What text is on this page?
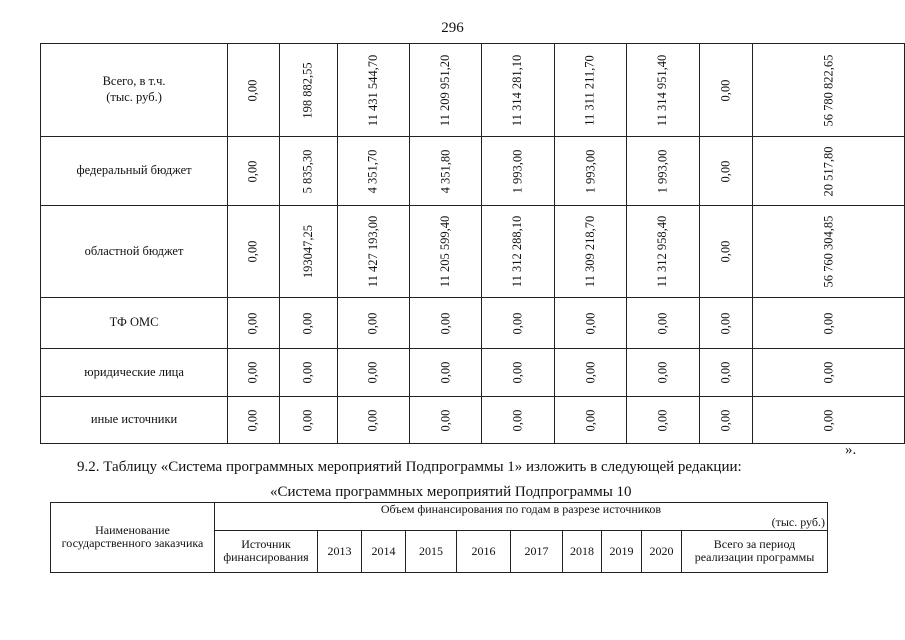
296
Всего, в т.ч.
(тыс. руб.)	0,00	198 882,55	11 431 544,70	11 209 951,20	11 314 281,10	11 311 211,70	11 314 951,40	0,00	56 780 822,65
федеральный бюджет	0,00	5 835,30	4 351,70	4 351,80	1 993,00	1 993,00	1 993,00	0,00	20 517,80
областной бюджет	0,00	193047,25	11 427 193,00	11 205 599,40	11 312 288,10	11 309 218,70	11 312 958,40	0,00	56 760 304,85
ТФ ОМС	0,00	0,00	0,00	0,00	0,00	0,00	0,00	0,00	0,00
юридические лица	0,00	0,00	0,00	0,00	0,00	0,00	0,00	0,00	0,00
иные источники	0,00	0,00	0,00	0,00	0,00	0,00	0,00	0,00	0,00
».
9.2. Таблицу «Система программных мероприятий Подпрограммы 1» изложить в следующей редакции:
«Система программных мероприятий Подпрограммы 10
Наименование государственного заказчика	Объем финансирования по годам в разрезе источников									
	(тыс. руб.)									
	Источник финансирования	2013	2014	2015	2016	2017	2018	2019	2020	Всего за период реализации программы
